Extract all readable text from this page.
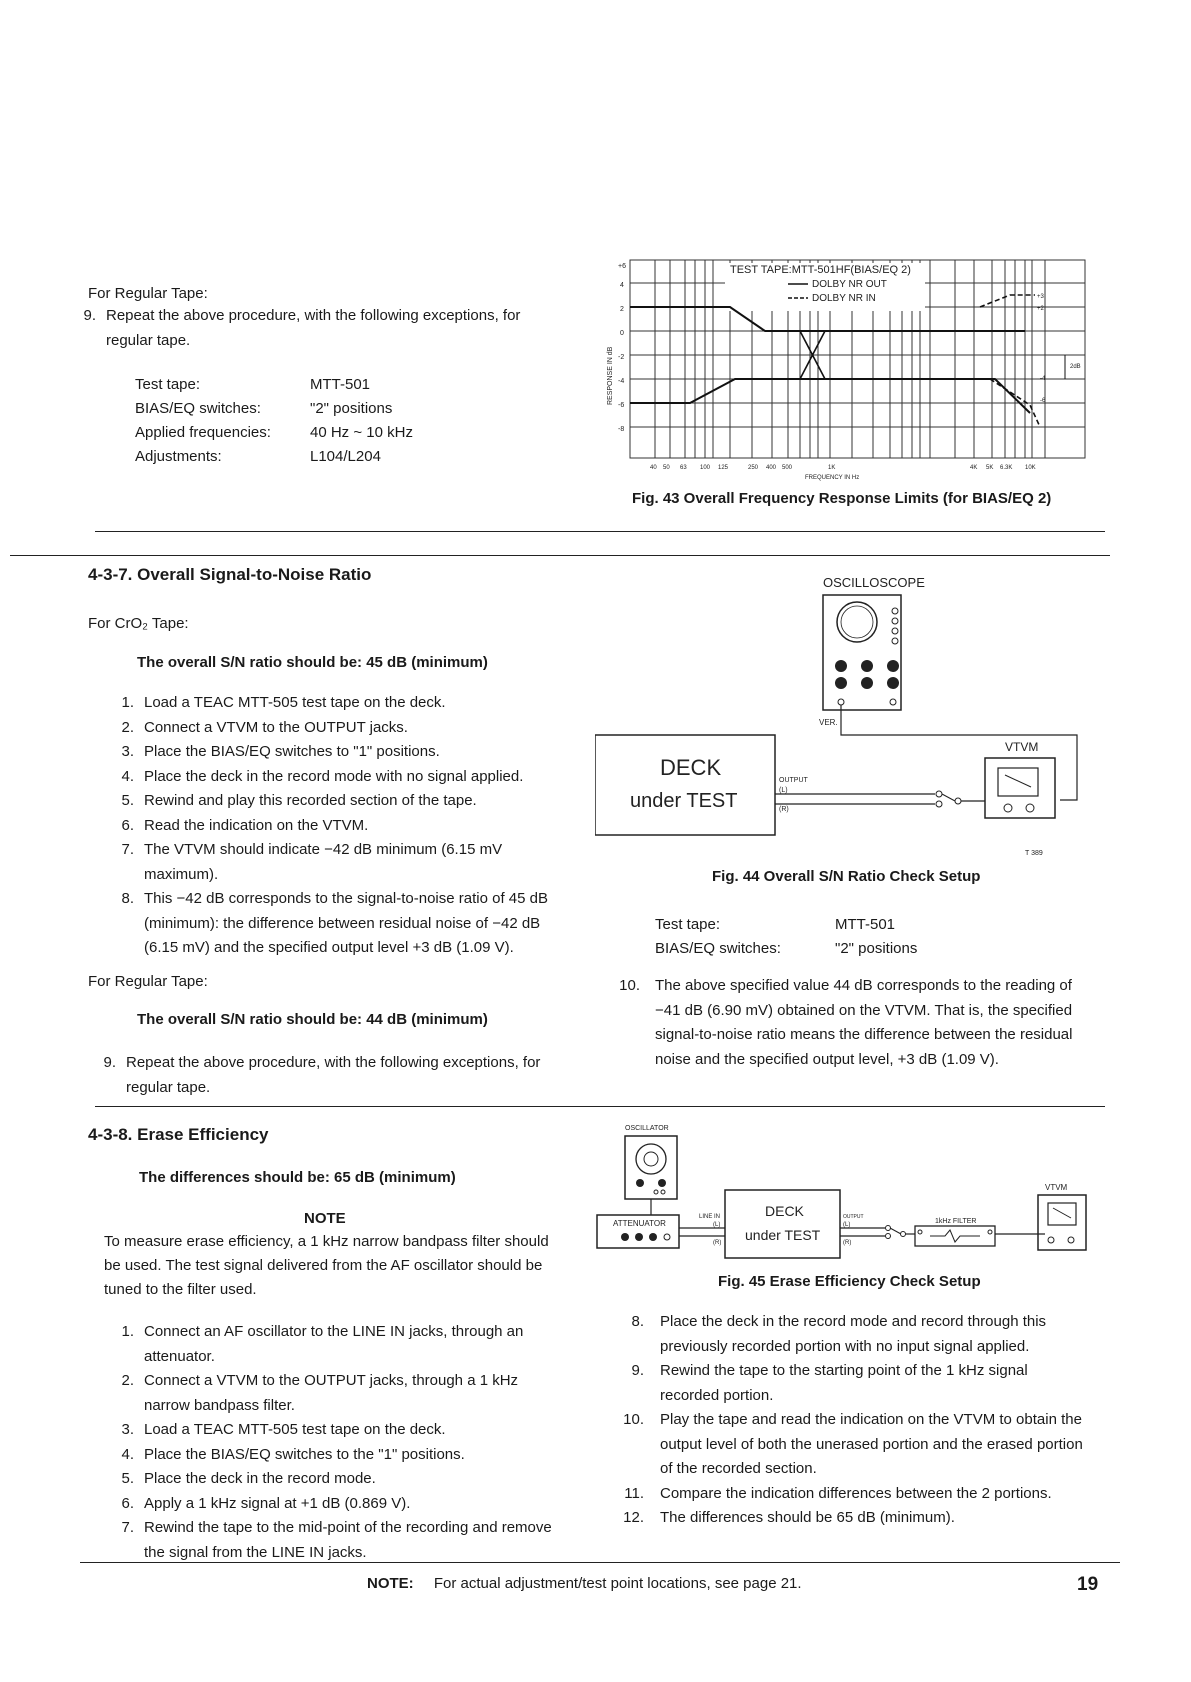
For Regular Tape:
9. Repeat the above procedure, with the following exceptions, for regular tape.
Test tape:	MTT-501
BIAS/EQ switches:	"2" positions
Applied frequencies:	40 Hz ~ 10 kHz
Adjustments:	L104/L204
TEST TAPE:MTT-501HF(BIAS/EQ 2)
DOLBY NR OUT
DOLBY NR IN
+6
4
2
0
-2
-4
-6
-8
RESPONSE IN dB
40 50 63 100 125	250 400 500	1K	4K 5K 6.3K 10K
FREQUENCY IN Hz
+3
+2
2dB
-4
-6
Fig. 43 Overall Frequency Response Limits (for BIAS/EQ 2)
4-3-7. Overall Signal-to-Noise Ratio
For CrO₂ Tape:
The overall S/N ratio should be: 45 dB (minimum)
1. Load a TEAC MTT-505 test tape on the deck.
2. Connect a VTVM to the OUTPUT jacks.
3. Place the BIAS/EQ switches to "1" positions.
4. Place the deck in the record mode with no signal applied.
5. Rewind and play this recorded section of the tape.
6. Read the indication on the VTVM.
7. The VTVM should indicate −42 dB minimum (6.15 mV maximum).
8. This −42 dB corresponds to the signal-to-noise ratio of 45 dB (minimum): the difference between residual noise of −42 dB (6.15 mV) and the specified output level +3 dB (1.09 V).
For Regular Tape:
The overall S/N ratio should be: 44 dB (minimum)
9. Repeat the above procedure, with the following exceptions, for regular tape.
OSCILLOSCOPE
VER.
VTVM
DECK
under TEST
OUTPUT
(L)
(R)
T 389
Fig. 44 Overall S/N Ratio Check Setup
Test tape:	MTT-501
BIAS/EQ switches:	"2" positions
10. The above specified value 44 dB corresponds to the reading of −41 dB (6.90 mV) obtained on the VTVM. That is, the specified signal-to-noise ratio means the difference between the residual noise and the specified output level, +3 dB (1.09 V).
4-3-8. Erase Efficiency
The differences should be: 65 dB (minimum)
NOTE
To measure erase efficiency, a 1 kHz narrow bandpass filter should be used. The test signal delivered from the AF oscillator should be tuned to the filter used.
1. Connect an AF oscillator to the LINE IN jacks, through an attenuator.
2. Connect a VTVM to the OUTPUT jacks, through a 1 kHz narrow bandpass filter.
3. Load a TEAC MTT-505 test tape on the deck.
4. Place the BIAS/EQ switches to the "1" positions.
5. Place the deck in the record mode.
6. Apply a 1 kHz signal at +1 dB (0.869 V).
7. Rewind the tape to the mid-point of the recording and remove the signal from the LINE IN jacks.
OSCILLATOR
ATTENUATOR
LINE IN
(L)
(R)
DECK
under TEST
OUTPUT
(L)
(R)
1kHz FILTER
VTVM
Fig. 45 Erase Efficiency Check Setup
8. Place the deck in the record mode and record through this previously recorded portion with no input signal applied.
9. Rewind the tape to the starting point of the 1 kHz signal recorded portion.
10. Play the tape and read the indication on the VTVM to obtain the output level of both the unerased portion and the erased portion of the recorded section.
11. Compare the indication differences between the 2 portions.
12. The differences should be 65 dB (minimum).
NOTE: For actual adjustment/test point locations, see page 21.	19
